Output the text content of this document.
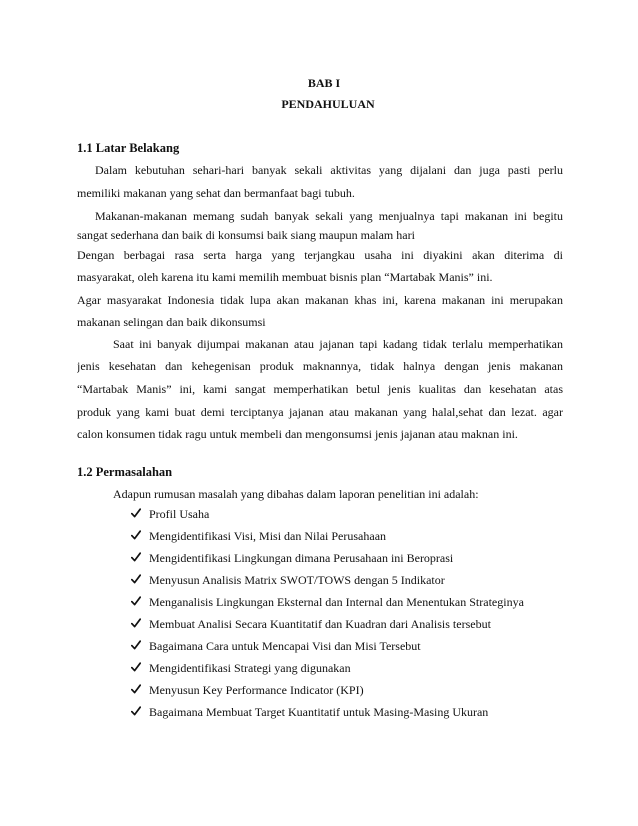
BAB I
PENDAHULUAN
1.1 Latar Belakang
Dalam kebutuhan sehari-hari banyak sekali aktivitas yang dijalani dan juga pasti perlu
memiliki makanan yang sehat dan bermanfaat bagi tubuh.
Makanan-makanan memang sudah banyak sekali yang menjualnya tapi makanan ini begitu
sangat sederhana dan baik di konsumsi baik siang maupun malam hari
Dengan berbagai rasa serta harga yang terjangkau usaha ini diyakini akan diterima di
masyarakat, oleh karena itu kami memilih membuat bisnis plan “Martabak Manis” ini.
Agar masyarakat Indonesia tidak lupa akan makanan khas ini, karena makanan ini merupakan
makanan selingan dan baik dikonsumsi
Saat ini banyak dijumpai makanan atau jajanan tapi kadang tidak terlalu memperhatikan
jenis kesehatan dan kehegenisan produk maknannya, tidak halnya dengan jenis makanan
“Martabak Manis” ini, kami sangat memperhatikan betul jenis kualitas dan kesehatan atas
produk yang kami buat demi terciptanya jajanan atau makanan yang halal,sehat dan lezat. agar
calon konsumen tidak ragu untuk membeli dan mengonsumsi jenis jajanan atau maknan ini.
1.2 Permasalahan
Adapun rumusan masalah yang dibahas dalam laporan penelitian ini adalah:
Profil Usaha
Mengidentifikasi Visi, Misi dan Nilai Perusahaan
Mengidentifikasi Lingkungan dimana Perusahaan ini Beroprasi
Menyusun Analisis Matrix SWOT/TOWS dengan 5 Indikator
Menganalisis Lingkungan Eksternal dan Internal dan Menentukan Strateginya
Membuat Analisi Secara Kuantitatif dan Kuadran dari Analisis tersebut
Bagaimana Cara untuk Mencapai Visi dan Misi Tersebut
Mengidentifikasi Strategi yang digunakan
Menyusun Key Performance Indicator (KPI)
Bagaimana Membuat Target Kuantitatif untuk Masing-Masing Ukuran
